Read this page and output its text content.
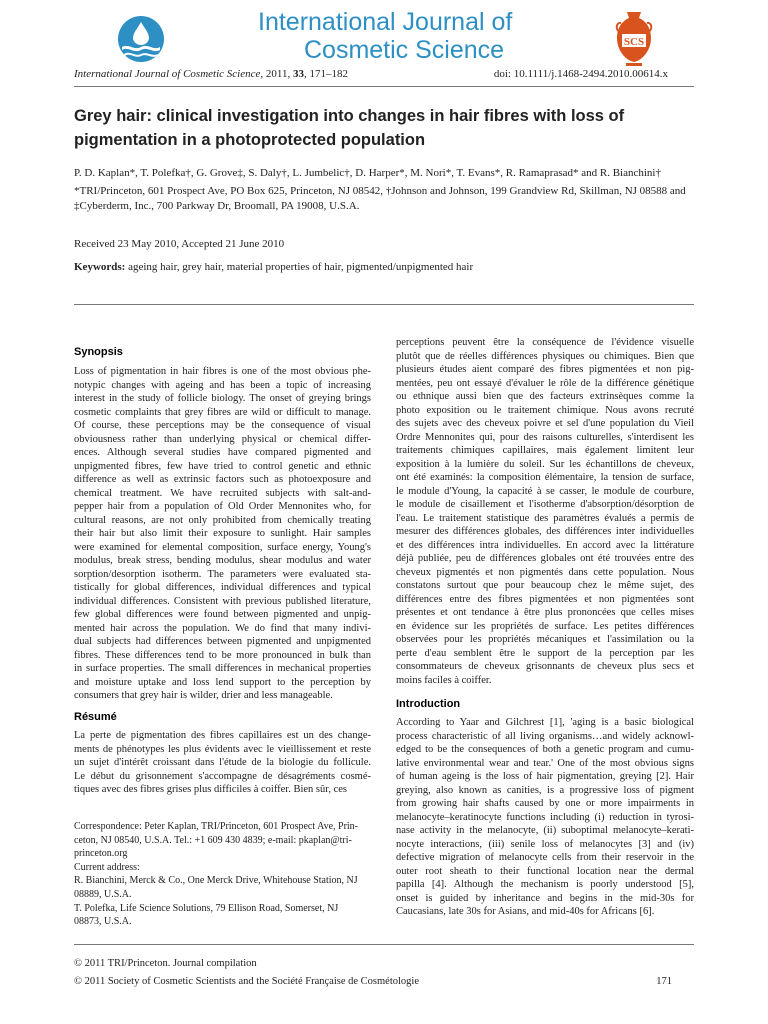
International Journal of
Cosmetic Science	SCS
International Journal of Cosmetic Science, 2011, 33, 171–182	doi: 10.1111/j.1468-2494.2010.00614.x
Grey hair: clinical investigation into changes in hair fibres with loss of pigmentation in a photoprotected population
P. D. Kaplan*, T. Polefka†, G. Grove‡, S. Daly†, L. Jumbelic†, D. Harper*, M. Nori*, T. Evans*, R. Ramaprasad* and R. Bianchini†
*TRI/Princeton, 601 Prospect Ave, PO Box 625, Princeton, NJ 08542, †Johnson and Johnson, 199 Grandview Rd, Skillman, NJ 08588 and
‡Cyberderm, Inc., 700 Parkway Dr, Broomall, PA 19008, U.S.A.
Received 23 May 2010, Accepted 21 June 2010
Keywords: ageing hair, grey hair, material properties of hair, pigmented/unpigmented hair
Synopsis
Loss of pigmentation in hair fibres is one of the most obvious phe-
notypic changes with ageing and has been a topic of increasing
interest in the study of follicle biology. The onset of greying brings
cosmetic complaints that grey fibres are wild or difficult to manage.
Of course, these perceptions may be the consequence of visual
obviousness rather than underlying physical or chemical differ-
ences. Although several studies have compared pigmented and
unpigmented fibres, few have tried to control genetic and ethnic
difference as well as extrinsic factors such as photoexposure and
chemical treatment. We have recruited subjects with salt-and-
pepper hair from a population of Old Order Mennonites who, for
cultural reasons, are not only prohibited from chemically treating
their hair but also limit their exposure to sunlight. Hair samples
were examined for elemental composition, surface energy, Young's
modulus, break stress, bending modulus, shear modulus and water
sorption/desorption isotherm. The parameters were evaluated sta-
tistically for global differences, individual differences and typical
individual differences. Consistent with previous published literature,
few global differences were found between pigmented and unpig-
mented hair across the population. We do find that many indivi-
dual subjects had differences between pigmented and unpigmented
fibres. These differences tend to be more pronounced in bulk than
in surface properties. The small differences in mechanical properties
and moisture uptake and loss lend support to the perception by
consumers that grey hair is wilder, drier and less manageable.
Résumé
La perte de pigmentation des fibres capillaires est un des change-
ments de phénotypes les plus évidents avec le vieillissement et reste
un sujet d'intérêt croissant dans l'étude de la biologie du follicule.
Le début du grisonnement s'accompagne de désagréments cosmé-
tiques avec des fibres grises plus difficiles à coiffer. Bien sûr, ces
Correspondence: Peter Kaplan, TRI/Princeton, 601 Prospect Ave, Prin-
ceton, NJ 08540, U.S.A. Tel.: +1 609 430 4839; e-mail: pkaplan@tri-
princeton.org
Current address:
R. Bianchini, Merck & Co., One Merck Drive, Whitehouse Station, NJ
08889, U.S.A.
T. Polefka, Life Science Solutions, 79 Ellison Road, Somerset, NJ
08873, U.S.A.
perceptions peuvent être la conséquence de l'évidence visuelle
plutôt que de réelles différences physiques ou chimiques. Bien que
plusieurs études aient comparé des fibres pigmentées et non pig-
mentées, peu ont essayé d'évaluer le rôle de la différence génétique
ou ethnique aussi bien que des facteurs extrinsèques comme la
photo exposition ou le traitement chimique. Nous avons recruté
des sujets avec des cheveux poivre et sel d'une population du Vieil
Ordre Mennonites qui, pour des raisons culturelles, s'interdisent les
traitements chimiques capillaires, mais également limitent leur
exposition à la lumière du soleil. Sur les échantillons de cheveux,
ont été examinés: la composition élémentaire, la tension de surface,
le module d'Young, la capacité à se casser, le module de courbure,
le module de cisaillement et l'isotherme d'absorption/désorption de
l'eau. Le traitement statistique des paramètres évalués a permis de
mesurer des différences globales, des différences inter individuelles
et des différences intra individuelles. En accord avec la littérature
déjà publiée, peu de différences globales ont été trouvées entre des
cheveux pigmentés et non pigmentés dans cette population. Nous
constatons surtout que pour beaucoup chez le même sujet, des
différences entre des fibres pigmentées et non pigmentées sont
présentes et ont tendance à être plus prononcées que celles mises
en évidence sur les propriétés de surface. Les petites différences
observées pour les propriétés mécaniques et l'assimilation ou la
perte d'eau semblent être le support de la perception par les
consommateurs de cheveux grisonnants de cheveux plus secs et
moins faciles à coiffer.
Introduction
According to Yaar and Gilchrest [1], 'aging is a basic biological
process characteristic of all living organisms…and widely acknowl-
edged to be the consequences of both a genetic program and cumu-
lative environmental wear and tear.' One of the most obvious signs
of human ageing is the loss of hair pigmentation, greying [2]. Hair
greying, also known as canities, is a progressive loss of pigment
from growing hair shafts caused by one or more impairments in
melanocyte–keratinocyte functions including (i) reduction in tyrosi-
nase activity in the melanocyte, (ii) suboptimal melanocyte–kerati-
nocyte interactions, (iii) senile loss of melanocytes [3] and (iv)
defective migration of melanocyte cells from their reservoir in the
outer root sheath to their functional location near the dermal
papilla [4]. Although the mechanism is poorly understood [5],
onset is guided by inheritance and begins in the mid-30s for
Caucasians, late 30s for Asians, and mid-40s for Africans [6].
© 2011 TRI/Princeton. Journal compilation
© 2011 Society of Cosmetic Scientists and the Société Française de Cosmétologie	171
